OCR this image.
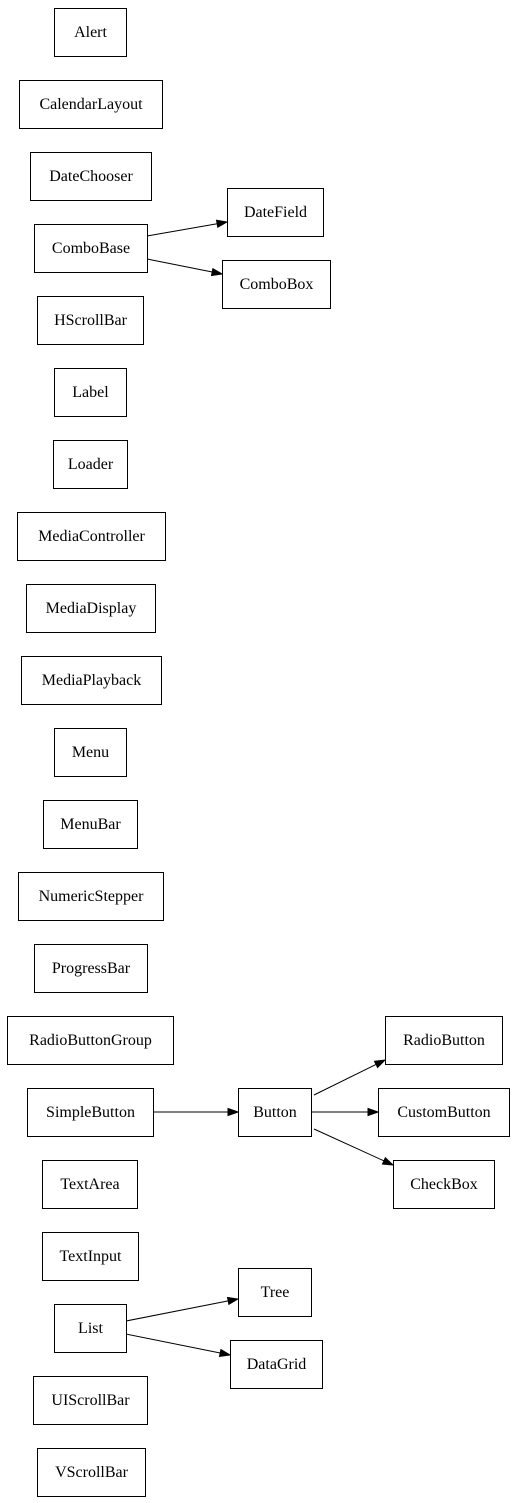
Alert
CalendarLayout
DateChooser
ComboBase
DateField
ComboBox
HScrollBar
Label
Loader
MediaController
MediaDisplay
MediaPlayback
Menu
MenuBar
NumericStepper
ProgressBar
RadioButtonGroup
SimpleButton	Button
RadioButton
CustomButton
CheckBox
TextArea
TextInput
List
Tree
DataGrid
UIScrollBar
VScrollBar
